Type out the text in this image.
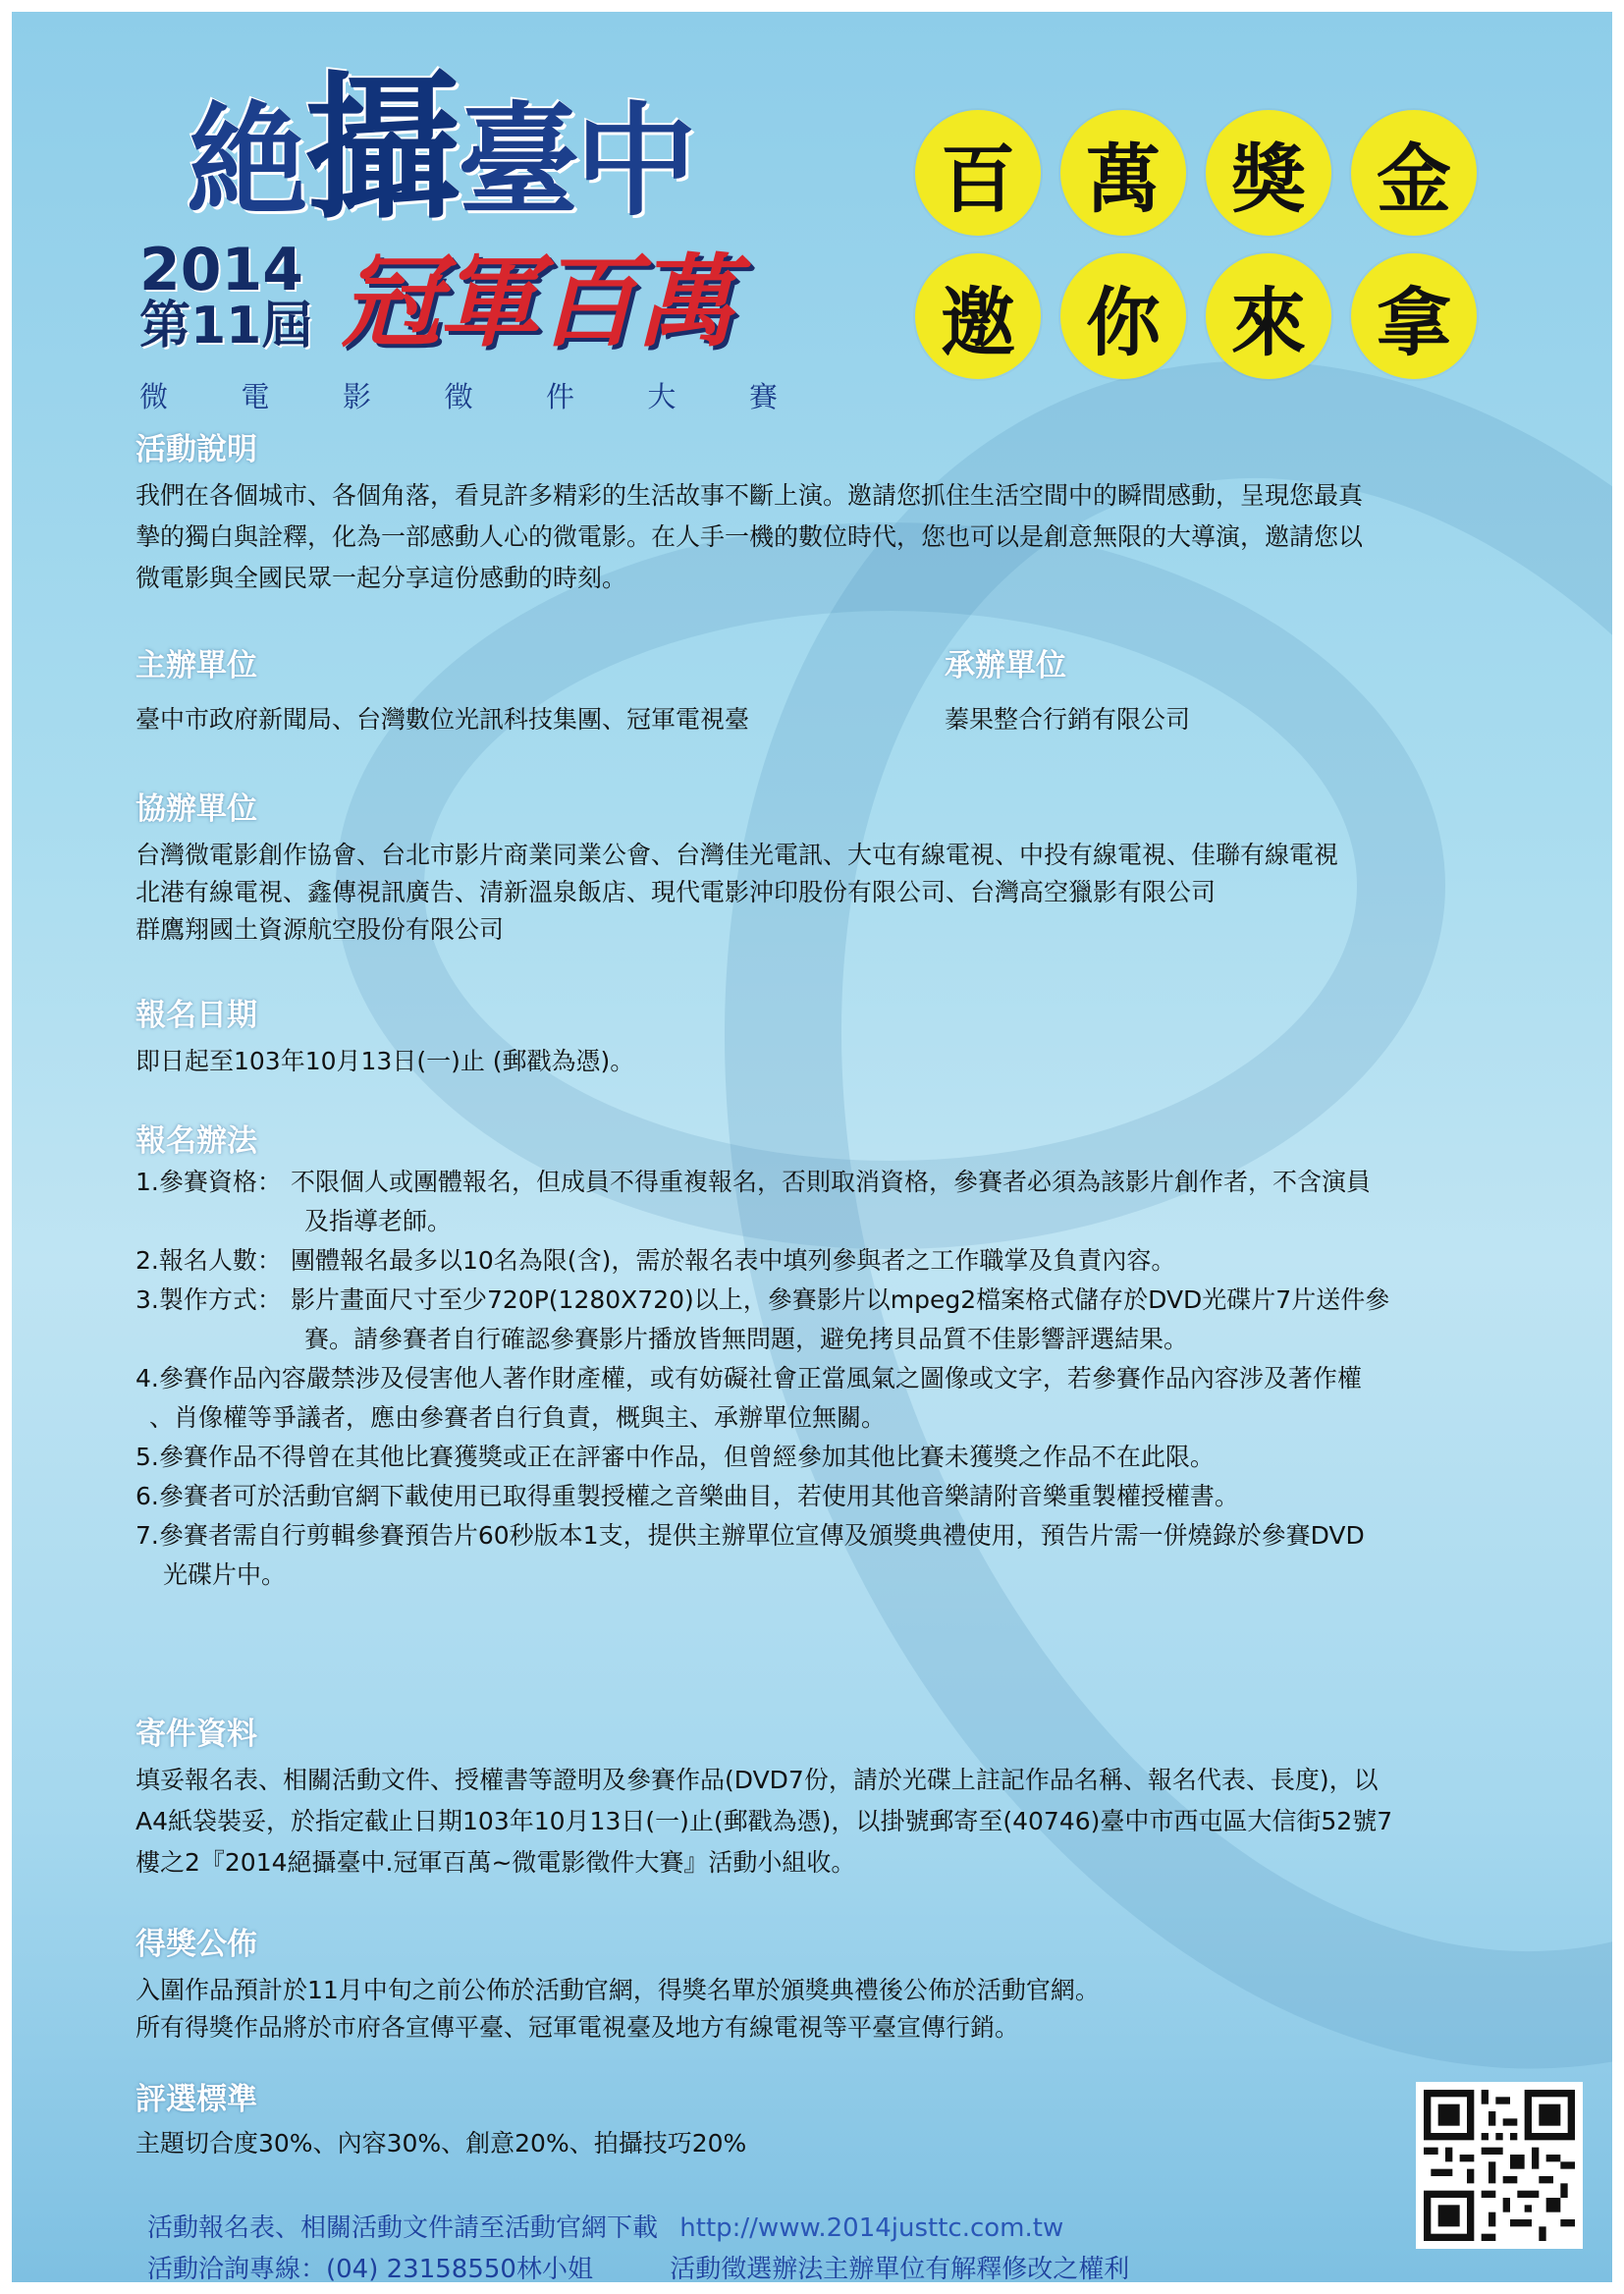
絶攝臺中
2014
第11屆 冠軍百萬
微	電	影	徵	件	大	賽
百 萬 獎 金
邀 你 來 拿
活動說明
我們在各個城市、各個角落，看見許多精彩的生活故事不斷上演。邀請您抓住生活空間中的瞬間感動，呈現您最真
摯的獨白與詮釋，化為一部感動人心的微電影。在人手一機的數位時代，您也可以是創意無限的大導演，邀請您以
微電影與全國民眾一起分享這份感動的時刻。
主辦單位
臺中市政府新聞局、台灣數位光訊科技集團、冠軍電視臺
承辦單位
蓁果整合行銷有限公司
協辦單位
台灣微電影創作協會、台北市影片商業同業公會、台灣佳光電訊、大屯有線電視、中投有線電視、佳聯有線電視
北港有線電視、鑫傳視訊廣告、清新溫泉飯店、現代電影沖印股份有限公司、台灣高空獵影有限公司
群鷹翔國土資源航空股份有限公司
報名日期
即日起至103年10月13日(一)止 (郵戳為憑)。
報名辦法
1.參賽資格： 不限個人或團體報名，但成員不得重複報名，否則取消資格，參賽者必須為該影片創作者，不含演員
及指導老師。
2.報名人數： 團體報名最多以10名為限(含)，需於報名表中填列參與者之工作職掌及負責內容。
3.製作方式： 影片畫面尺寸至少720P(1280X720)以上，參賽影片以mpeg2檔案格式儲存於DVD光碟片7片送件參
賽。請參賽者自行確認參賽影片播放皆無問題，避免拷貝品質不佳影響評選結果。
4.參賽作品內容嚴禁涉及侵害他人著作財產權，或有妨礙社會正當風氣之圖像或文字，若參賽作品內容涉及著作權
、肖像權等爭議者，應由參賽者自行負責，概與主、承辦單位無關。
5.參賽作品不得曾在其他比賽獲獎或正在評審中作品，但曾經參加其他比賽未獲獎之作品不在此限。
6.參賽者可於活動官網下載使用已取得重製授權之音樂曲目，若使用其他音樂請附音樂重製權授權書。
7.參賽者需自行剪輯參賽預告片60秒版本1支，提供主辦單位宣傳及頒獎典禮使用，預告片需一併燒錄於參賽DVD
光碟片中。
寄件資料
填妥報名表、相關活動文件、授權書等證明及參賽作品(DVD7份，請於光碟上註記作品名稱、報名代表、長度)，以
A4紙袋裝妥，於指定截止日期103年10月13日(一)止(郵戳為憑)，以掛號郵寄至(40746)臺中市西屯區大信街52號7
樓之2『2014絕攝臺中.冠軍百萬~微電影徵件大賽』活動小組收。
得獎公佈
入圍作品預計於11月中旬之前公佈於活動官網，得獎名單於頒獎典禮後公佈於活動官網。
所有得獎作品將於市府各宣傳平臺、冠軍電視臺及地方有線電視等平臺宣傳行銷。
評選標準
主題切合度30%、內容30%、創意20%、拍攝技巧20%
活動報名表、相關活動文件請至活動官網下載 http://www.2014justtc.com.tw
活動洽詢專線：(04) 23158550林小姐	活動徵選辦法主辦單位有解釋修改之權利
